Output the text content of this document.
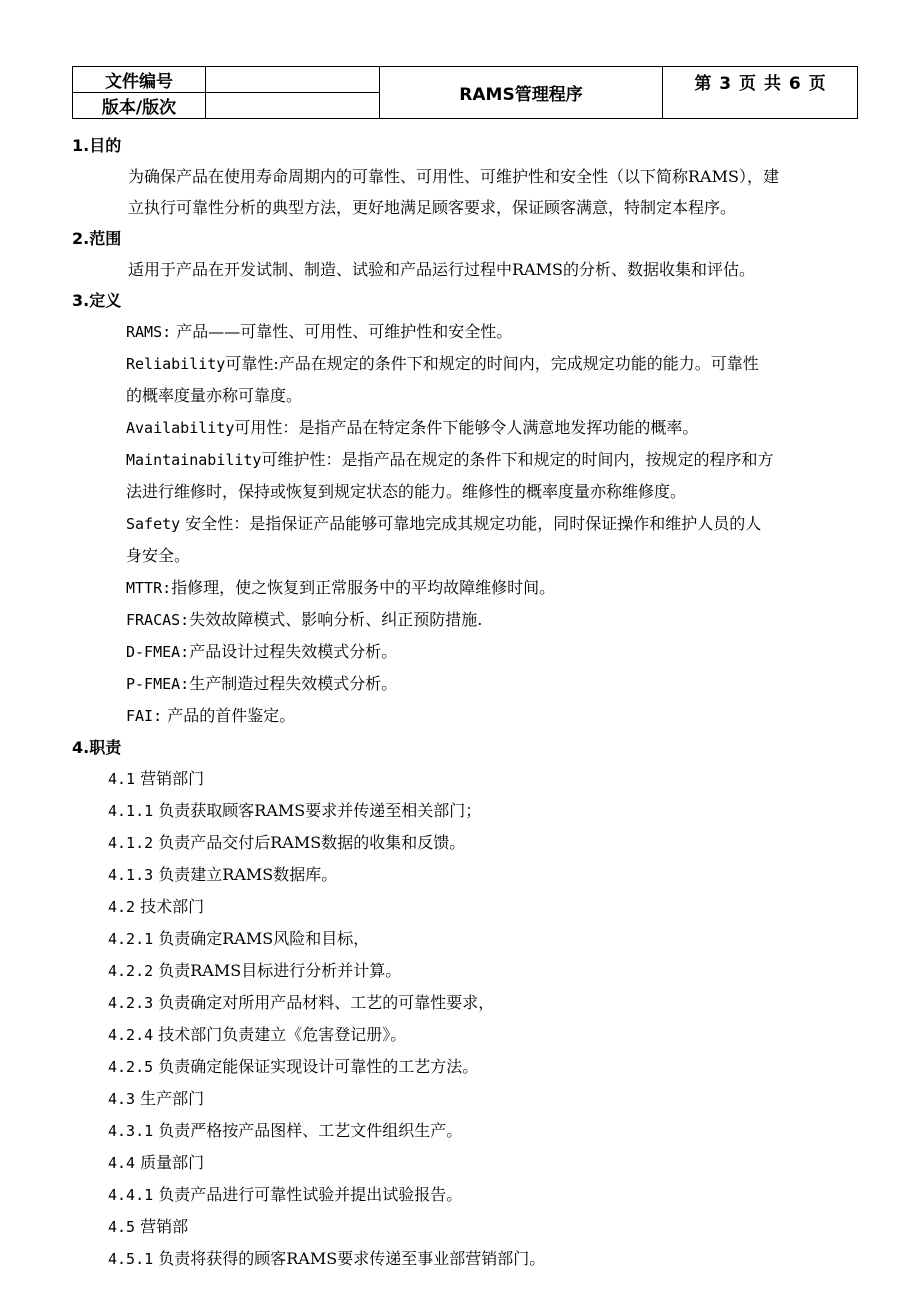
文件编号		RAMS管理程序	第 3 页 共 6 页
版本/版次			
1.目的

为确保产品在使用寿命周期内的可靠性、可用性、可维护性和安全性（以下简称RAMS），建

立执行可靠性分析的典型方法，更好地满足顾客要求，保证顾客满意，特制定本程序。

2.范围

适用于产品在开发试制、制造、试验和产品运行过程中RAMS的分析、数据收集和评估。

3.定义

RAMS: 产品——可靠性、可用性、可维护性和安全性。

Reliability可靠性:产品在规定的条件下和规定的时间内，完成规定功能的能力。可靠性

的概率度量亦称可靠度。

Availability可用性：是指产品在特定条件下能够令人满意地发挥功能的概率。

Maintainability可维护性：是指产品在规定的条件下和规定的时间内，按规定的程序和方

法进行维修时，保持或恢复到规定状态的能力。维修性的概率度量亦称维修度。

Safety 安全性：是指保证产品能够可靠地完成其规定功能，同时保证操作和维护人员的人

身安全。

MTTR:指修理，使之恢复到正常服务中的平均故障维修时间。

FRACAS:失效故障模式、影响分析、纠正预防措施.

D-FMEA:产品设计过程失效模式分析。

P-FMEA:生产制造过程失效模式分析。

FAI: 产品的首件鉴定。

4.职责

4.1 营销部门

4.1.1 负责获取顾客RAMS要求并传递至相关部门；

4.1.2 负责产品交付后RAMS数据的收集和反馈。

4.1.3 负责建立RAMS数据库。

4.2 技术部门

4.2.1 负责确定RAMS风险和目标，

4.2.2 负责RAMS目标进行分析并计算。

4.2.3 负责确定对所用产品材料、工艺的可靠性要求，

4.2.4 技术部门负责建立《危害登记册》。

4.2.5 负责确定能保证实现设计可靠性的工艺方法。

4.3 生产部门

4.3.1 负责严格按产品图样、工艺文件组织生产。

4.4 质量部门

4.4.1 负责产品进行可靠性试验并提出试验报告。

4.5 营销部

4.5.1 负责将获得的顾客RAMS要求传递至事业部营销部门。
